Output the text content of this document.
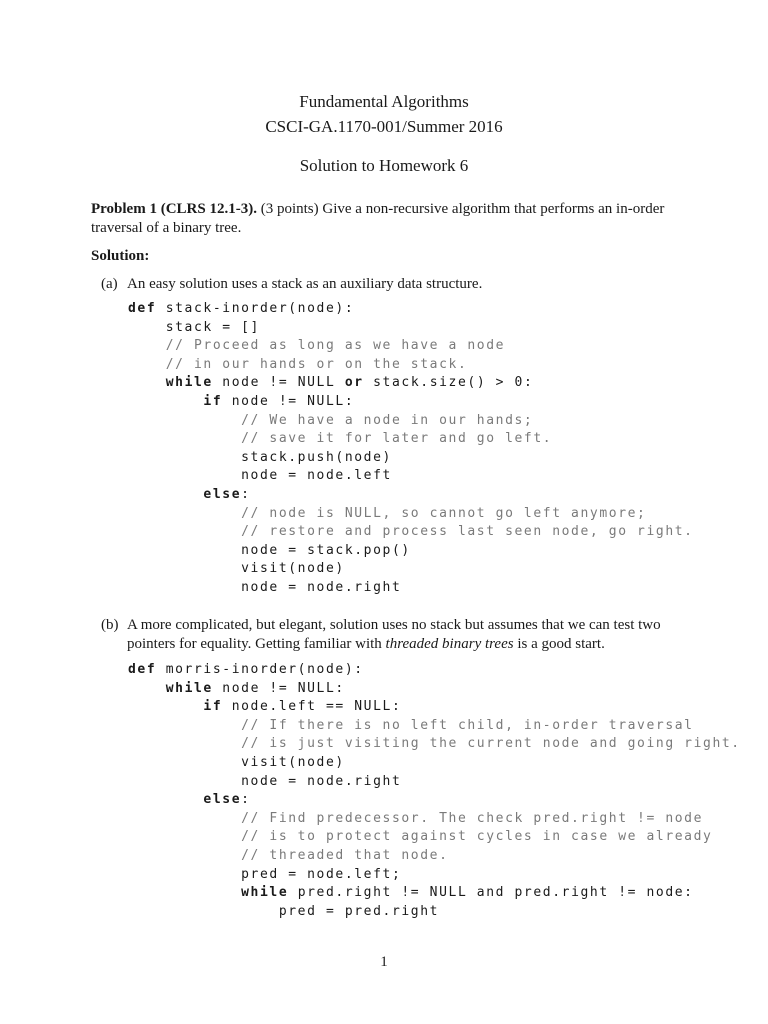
Fundamental Algorithms
CSCI-GA.1170-001/Summer 2016
Solution to Homework 6
Problem 1 (CLRS 12.1-3). (3 points) Give a non-recursive algorithm that performs an in-order traversal of a binary tree.
Solution:
(a) An easy solution uses a stack as an auxiliary data structure.
def stack-inorder(node):
stack = []
// Proceed as long as we have a node
// in our hands or on the stack.
while node != NULL or stack.size() > 0:
if node != NULL:
// We have a node in our hands;
// save it for later and go left.
stack.push(node)
node = node.left
else:
// node is NULL, so cannot go left anymore;
// restore and process last seen node, go right.
node = stack.pop()
visit(node)
node = node.right
(b) A more complicated, but elegant, solution uses no stack but assumes that we can test two pointers for equality. Getting familiar with threaded binary trees is a good start.
def morris-inorder(node):
while node != NULL:
if node.left == NULL:
// If there is no left child, in-order traversal
// is just visiting the current node and going right.
visit(node)
node = node.right
else:
// Find predecessor. The check pred.right != node
// is to protect against cycles in case we already
// threaded that node.
pred = node.left;
while pred.right != NULL and pred.right != node:
pred = pred.right
1
